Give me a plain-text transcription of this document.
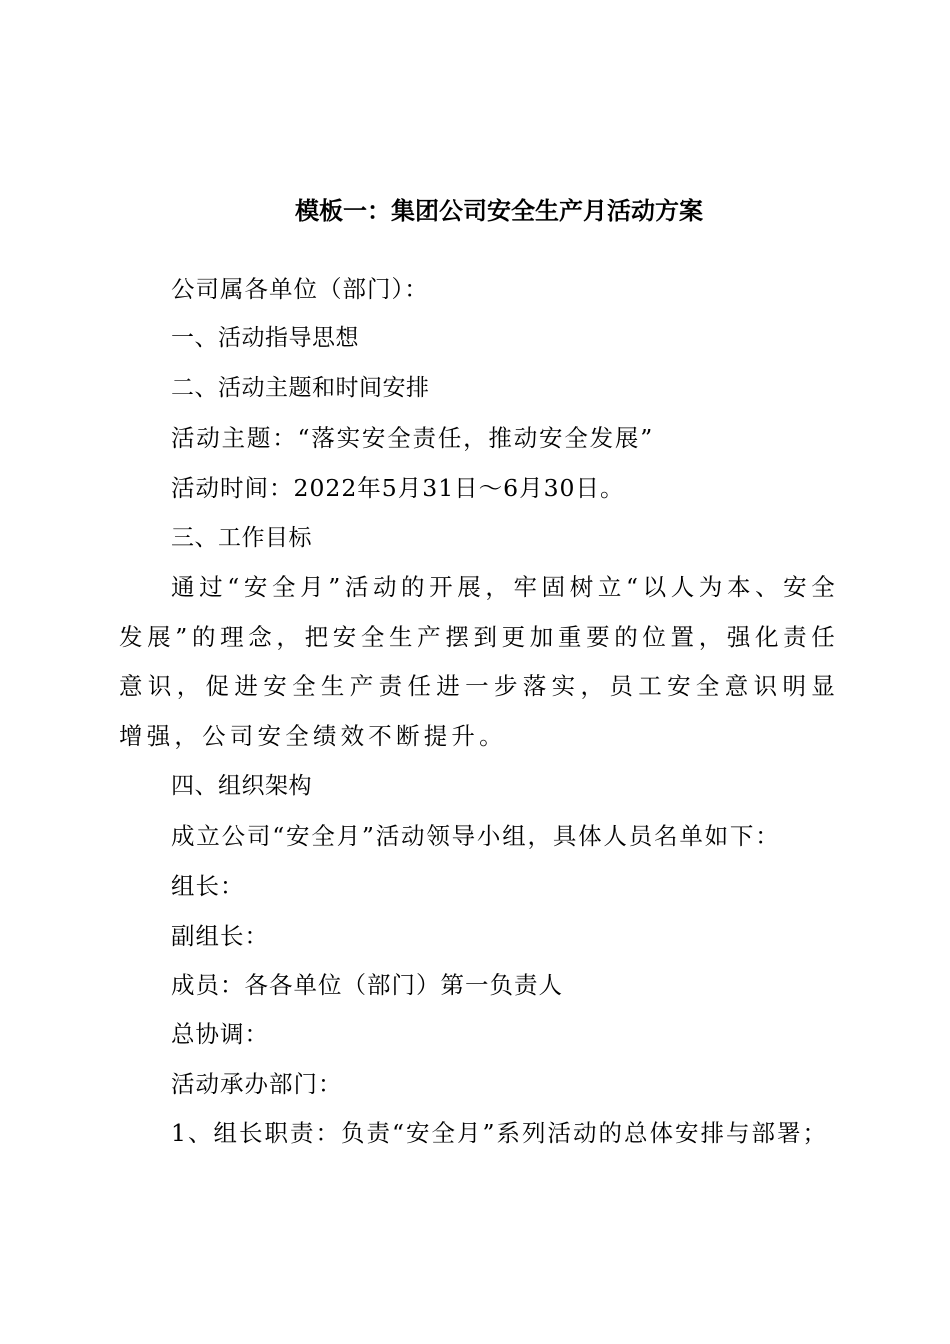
模板一：集团公司安全生产月活动方案
公司属各单位（部门）：
一、活动指导思想
二、活动主题和时间安排
活动主题：“落实安全责任，推动安全发展”
活动时间：2022年5月31日～6月30日。
三、工作目标
通过“安全月”活动的开展，牢固树立“以人为本、安全发展”的理念，把安全生产摆到更加重要的位置，强化责任意识，促进安全生产责任进一步落实，员工安全意识明显增强，公司安全绩效不断提升。
四、组织架构
成立公司“安全月”活动领导小组，具体人员名单如下：
组长：
副组长：
成员：各各单位（部门）第一负责人
总协调：
活动承办部门：
1、组长职责：负责“安全月”系列活动的总体安排与部署；
